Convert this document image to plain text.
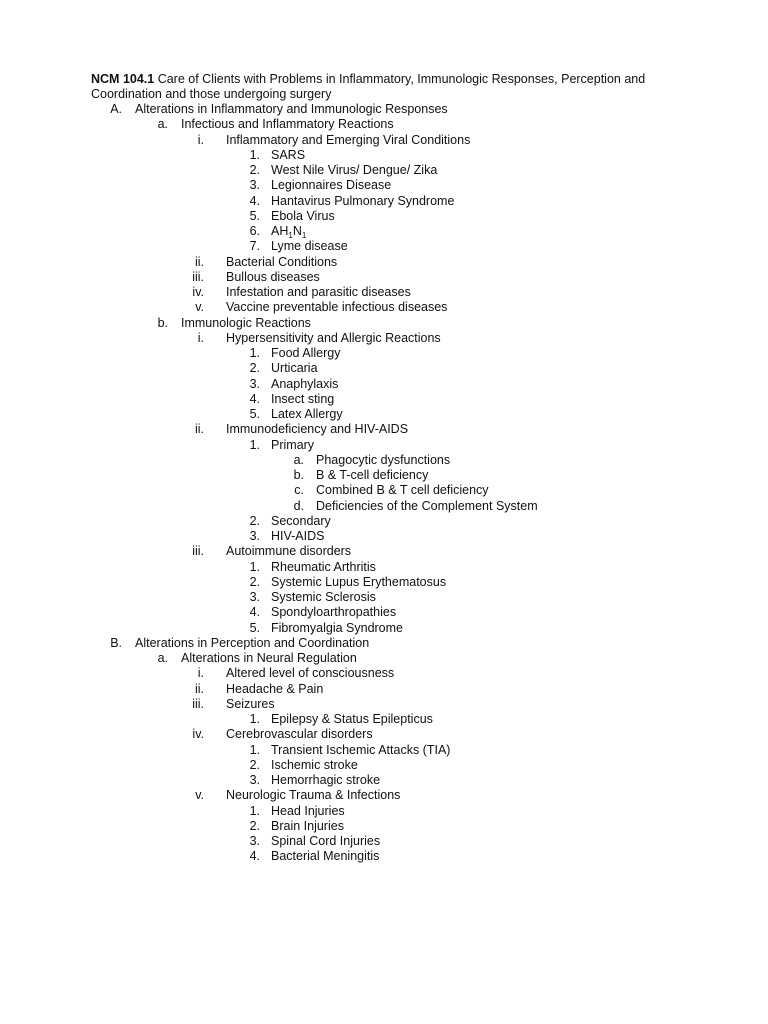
NCM 104.1 Care of Clients with Problems in Inflammatory, Immunologic Responses, Perception and Coordination and those undergoing surgery
A. Alterations in Inflammatory and Immunologic Responses
a. Infectious and Inflammatory Reactions
i. Inflammatory and Emerging Viral Conditions
1. SARS
2. West Nile Virus/ Dengue/ Zika
3. Legionnaires Disease
4. Hantavirus Pulmonary Syndrome
5. Ebola Virus
6. $AH_1N_1$
7. Lyme disease
ii. Bacterial Conditions
iii. Bullous diseases
iv. Infestation and parasitic diseases
v. Vaccine preventable infectious diseases
b. Immunologic Reactions
i. Hypersensitivity and Allergic Reactions
1. Food Allergy
2. Urticaria
3. Anaphylaxis
4. Insect sting
5. Latex Allergy
ii. Immunodeficiency and HIV-AIDS
1. Primary
a. Phagocytic dysfunctions
b. B & T-cell deficiency
c. Combined B & T cell deficiency
d. Deficiencies of the Complement System
2. Secondary
3. HIV-AIDS
iii. Autoimmune disorders
1. Rheumatic Arthritis
2. Systemic Lupus Erythematosus
3. Systemic Sclerosis
4. Spondyloarthropathies
5. Fibromyalgia Syndrome
B. Alterations in Perception and Coordination
a. Alterations in Neural Regulation
i. Altered level of consciousness
ii. Headache & Pain
iii. Seizures
1. Epilepsy & Status Epilepticus
iv. Cerebrovascular disorders
1. Transient Ischemic Attacks (TIA)
2. Ischemic stroke
3. Hemorrhagic stroke
v. Neurologic Trauma & Infections
1. Head Injuries
2. Brain Injuries
3. Spinal Cord Injuries
4. Bacterial Meningitis
